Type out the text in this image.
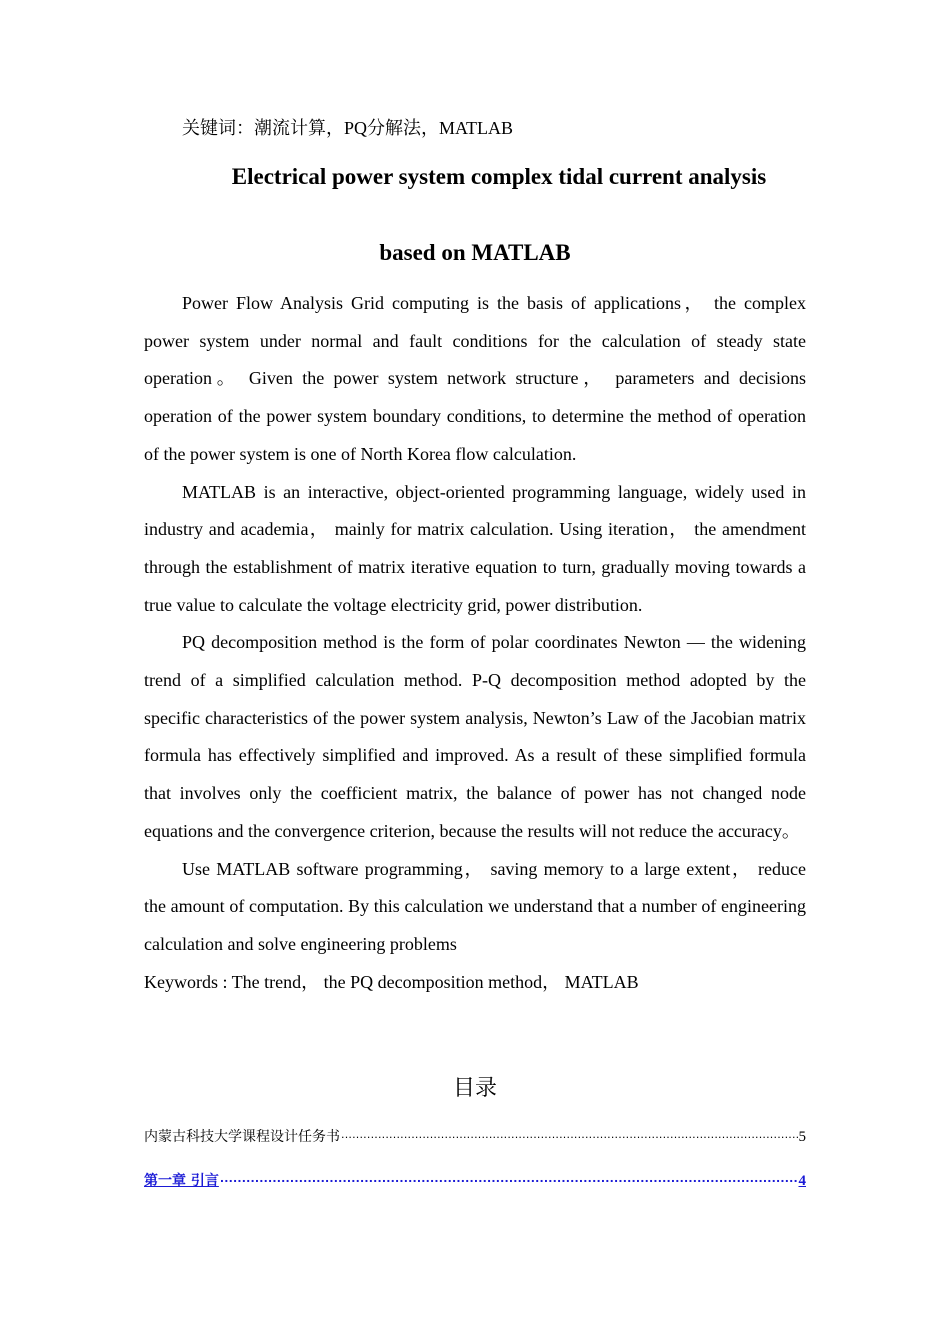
关键词：潮流计算，PQ分解法，MATLAB
Electrical power system complex tidal current analysis
based on MATLAB

Power Flow Analysis Grid computing is the basis of applications， the complex power system under normal and fault conditions for the calculation of steady state operation。 Given the power system network structure， parameters and decisions operation of the power system boundary conditions, to determine the method of operation of the power system is one of North Korea flow calculation.

MATLAB is an interactive, object-oriented programming language, widely used in industry and academia， mainly for matrix calculation. Using iteration， the amendment through the establishment of matrix iterative equation to turn, gradually moving towards a true value to calculate the voltage electricity grid, power distribution.

PQ decomposition method is the form of polar coordinates Newton — the widening trend of a simplified calculation method. P-Q decomposition method adopted by the specific characteristics of the power system analysis, Newton’s Law of the Jacobian matrix formula has effectively simplified and improved. As a result of these simplified formula that involves only the coefficient matrix, the balance of power has not changed node equations and the convergence criterion, because the results will not reduce the accuracy。

Use MATLAB software programming， saving memory to a large extent， reduce the amount of computation. By this calculation we understand that a number of engineering calculation and solve engineering problems

Keywords : The trend， the PQ decomposition method， MATLAB

目录
内蒙古科技大学课程设计任务书 .....	5
第一章 引言 .....	4
